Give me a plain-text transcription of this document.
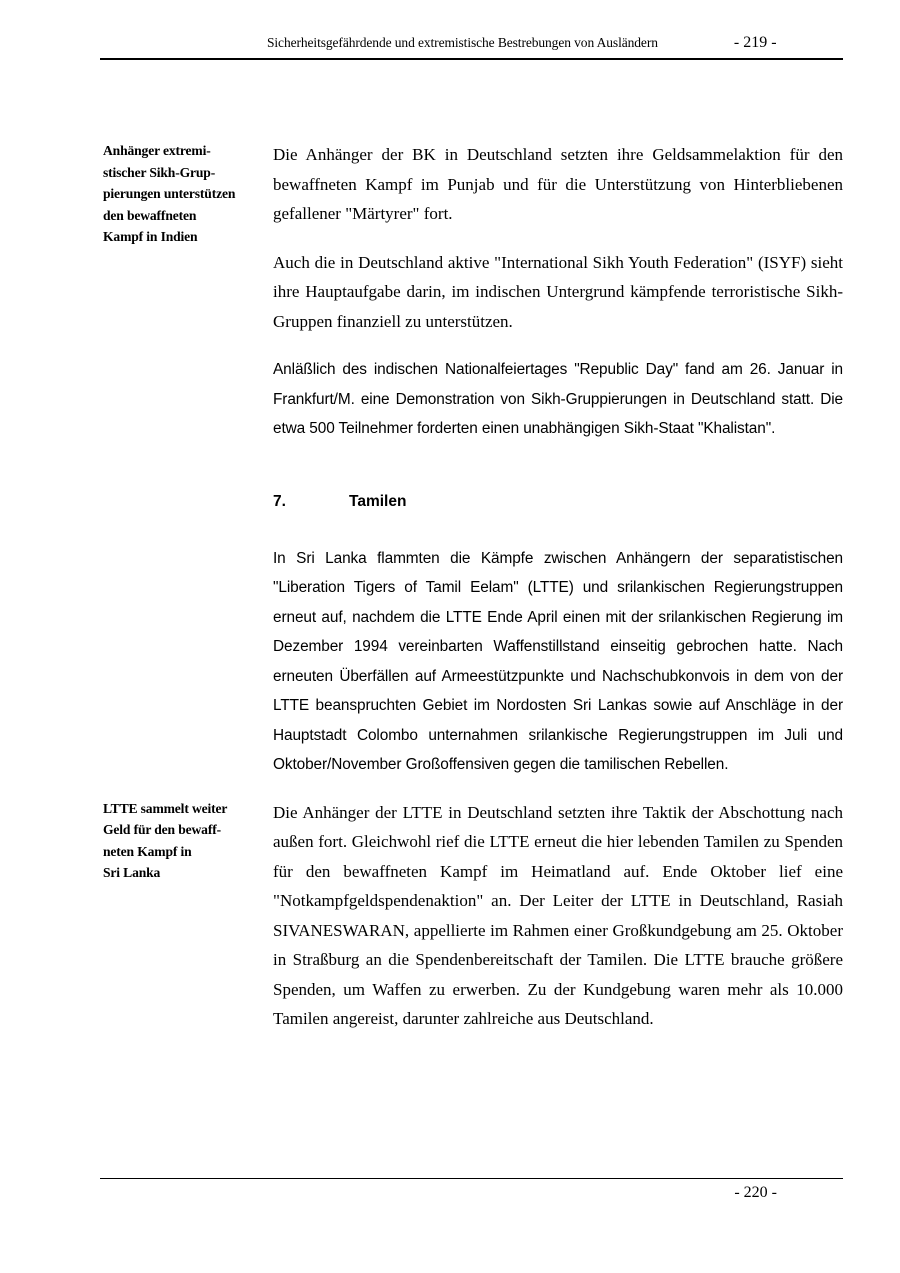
Sicherheitsgefährdende und extremistische Bestrebungen von Ausländern	- 219 -
Anhänger extremi-
stischer Sikh-Grup-
pierungen unterstützen
den bewaffneten
Kampf in Indien

Die Anhänger der BK in Deutschland setzten ihre Geldsammelaktion für den bewaffneten Kampf im Punjab und für die Unterstützung von Hinterbliebenen gefallener "Märtyrer" fort.

Auch die in Deutschland aktive "International Sikh Youth Federation" (ISYF) sieht ihre Hauptaufgabe darin, im indischen Untergrund kämpfende terroristische Sikh-Gruppen finanziell zu unterstützen.

Anläßlich des indischen Nationalfeiertages "Republic Day" fand am 26. Januar in Frankfurt/M. eine Demonstration von Sikh-Gruppierungen in Deutschland statt. Die etwa 500 Teilnehmer forderten einen unabhängigen Sikh-Staat "Khalistan".

7.	Tamilen

In Sri Lanka flammten die Kämpfe zwischen Anhängern der separatistischen "Liberation Tigers of Tamil Eelam" (LTTE) und srilankischen Regierungstruppen erneut auf, nachdem die LTTE Ende April einen mit der srilankischen Regierung im Dezember 1994 vereinbarten Waffenstillstand einseitig gebrochen hatte. Nach erneuten Überfällen auf Armeestützpunkte und Nachschubkonvois in dem von der LTTE beanspruchten Gebiet im Nordosten Sri Lankas sowie auf Anschläge in der Hauptstadt Colombo unternahmen srilankische Regierungstruppen im Juli und Oktober/November Großoffensiven gegen die tamilischen Rebellen.

LTTE sammelt weiter
Geld für den bewaff-
neten Kampf in
Sri Lanka

Die Anhänger der LTTE in Deutschland setzten ihre Taktik der Abschottung nach außen fort. Gleichwohl rief die LTTE erneut die hier lebenden Tamilen zu Spenden für den bewaffneten Kampf im Heimatland auf. Ende Oktober lief eine "Notkampfgeldspendenaktion" an. Der Leiter der LTTE in Deutschland, Rasiah SIVANESWARAN, appellierte im Rahmen einer Großkundgebung am 25. Oktober in Straßburg an die Spendenbereitschaft der Tamilen. Die LTTE brauche größere Spenden, um Waffen zu erwerben. Zu der Kundgebung waren mehr als 10.000 Tamilen angereist, darunter zahlreiche aus Deutschland.

- 220 -
